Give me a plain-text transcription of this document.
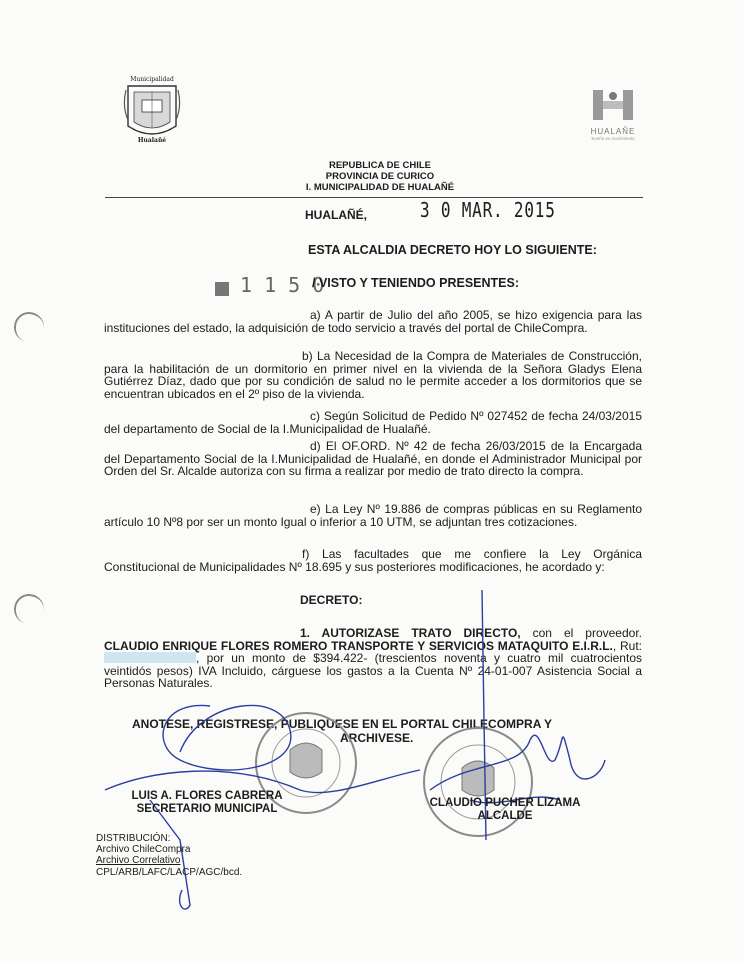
Municipalidad
Hualañé
HUALAÑE
Sueño en movimiento
REPUBLICA DE CHILE
PROVINCIA DE CURICO
I. MUNICIPALIDAD DE HUALAÑÉ
HUALAÑÉ,	3 0 MAR. 2015
ESTA ALCALDIA DECRETO HOY LO SIGUIENTE:
1 1 5 0
/ VISTO Y TENIENDO PRESENTES:
a) A partir de Julio del año 2005, se hizo exigencia para las instituciones del estado, la adquisición de todo servicio a través del portal de ChileCompra.
b) La Necesidad de la Compra de Materiales de Construcción, para la habilitación de un dormitorio en primer nivel en la vivienda de la Señora Gladys Elena Gutiérrez Díaz, dado que por su condición de salud no le permite acceder a los dormitorios que se encuentran ubicados en el 2º piso de la vivienda.
c) Según Solicitud de Pedido Nº 027452 de fecha 24/03/2015 del departamento de Social de la I.Municipalidad de Hualañé.
d) El OF.ORD. Nº 42 de fecha 26/03/2015 de la Encargada del Departamento Social de la I.Municipalidad de Hualañé, en donde el Administrador Municipal por Orden del Sr. Alcalde autoriza con su firma a realizar por medio de trato directo la compra.
e) La Ley Nº 19.886 de compras públicas en su Reglamento artículo 10 Nº8 por ser un monto Igual o inferior a 10 UTM, se adjuntan tres cotizaciones.
f) Las facultades que me confiere la Ley Orgánica Constitucional de Municipalidades Nº 18.695 y sus posteriores modificaciones, he acordado y:
DECRETO:
1. AUTORIZASE TRATO DIRECTO, con el proveedor. CLAUDIO ENRIQUE FLORES ROMERO TRANSPORTE Y SERVICIOS MATAQUITO E.I.R.L., Rut: , por un monto de $394.422- (trescientos noventa y cuatro mil cuatrocientos veintidós pesos) IVA Incluido, cárguese los gastos a la Cuenta Nº 24-01-007 Asistencia Social a Personas Naturales.
ANOTESE, REGISTRESE, PUBLIQUESE EN EL PORTAL CHILECOMPRA Y
ARCHIVESE.
LUIS A. FLORES CABRERA
SECRETARIO MUNICIPAL	CLAUDIO PUCHER LIZAMA
ALCALDE
DISTRIBUCIÓN:
Archivo ChileCompra
Archivo Correlativo
CPL/ARB/LAFC/LACP/AGC/bcd.
